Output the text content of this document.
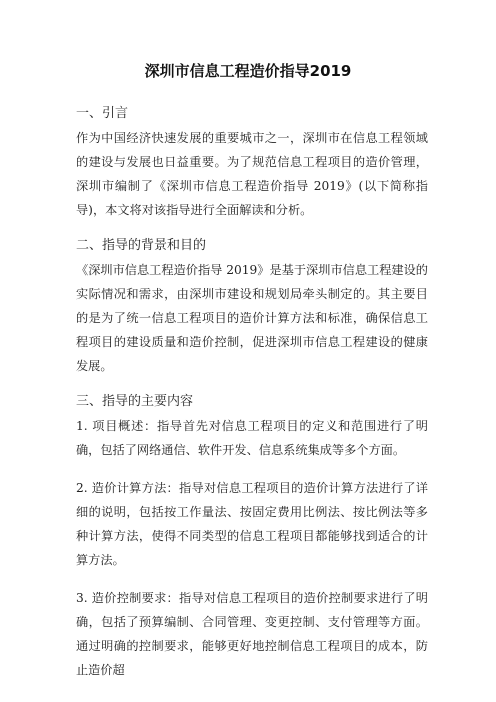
深圳市信息工程造价指导2019

一、引言

作为中国经济快速发展的重要城市之一，深圳市在信息工程领域的建设与发展也日益重要。为了规范信息工程项目的造价管理，深圳市编制了《深圳市信息工程造价指导 2019》(以下简称指导)，本文将对该指导进行全面解读和分析。

二、指导的背景和目的

《深圳市信息工程造价指导 2019》是基于深圳市信息工程建设的实际情况和需求，由深圳市建设和规划局牵头制定的。其主要目的是为了统一信息工程项目的造价计算方法和标准，确保信息工程项目的建设质量和造价控制，促进深圳市信息工程建设的健康发展。

三、指导的主要内容

1. 项目概述：指导首先对信息工程项目的定义和范围进行了明确，包括了网络通信、软件开发、信息系统集成等多个方面。

2. 造价计算方法：指导对信息工程项目的造价计算方法进行了详细的说明，包括按工作量法、按固定费用比例法、按比例法等多种计算方法，使得不同类型的信息工程项目都能够找到适合的计算方法。

3. 造价控制要求：指导对信息工程项目的造价控制要求进行了明确，包括了预算编制、合同管理、变更控制、支付管理等方面。通过明确的控制要求，能够更好地控制信息工程项目的成本，防止造价超
